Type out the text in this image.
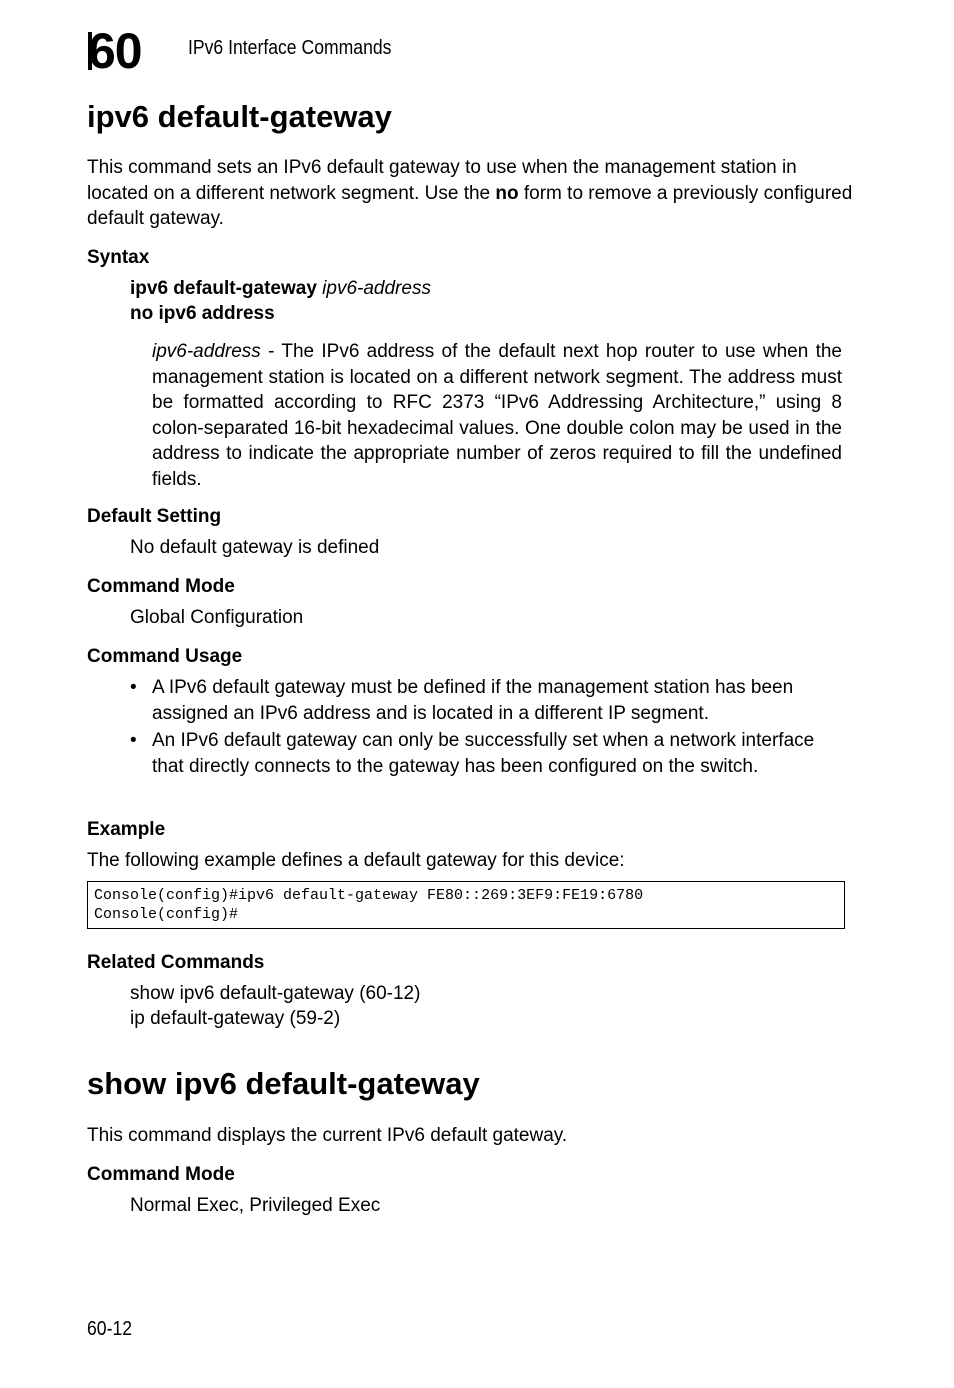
60 IPv6 Interface Commands
ipv6 default-gateway
This command sets an IPv6 default gateway to use when the management station in located on a different network segment. Use the no form to remove a previously configured default gateway.
Syntax
ipv6 default-gateway ipv6-address
no ipv6 address
ipv6-address - The IPv6 address of the default next hop router to use when the management station is located on a different network segment. The address must be formatted according to RFC 2373 “IPv6 Addressing Architecture,” using 8 colon-separated 16-bit hexadecimal values. One double colon may be used in the address to indicate the appropriate number of zeros required to fill the undefined fields.
Default Setting
No default gateway is defined
Command Mode
Global Configuration
Command Usage
• A IPv6 default gateway must be defined if the management station has been assigned an IPv6 address and is located in a different IP segment.
• An IPv6 default gateway can only be successfully set when a network interface that directly connects to the gateway has been configured on the switch.
Example
The following example defines a default gateway for this device:
Console(config)#ipv6 default-gateway FE80::269:3EF9:FE19:6780
Console(config)#
Related Commands
show ipv6 default-gateway (60-12)
ip default-gateway (59-2)
show ipv6 default-gateway
This command displays the current IPv6 default gateway.
Command Mode
Normal Exec, Privileged Exec
60-12
